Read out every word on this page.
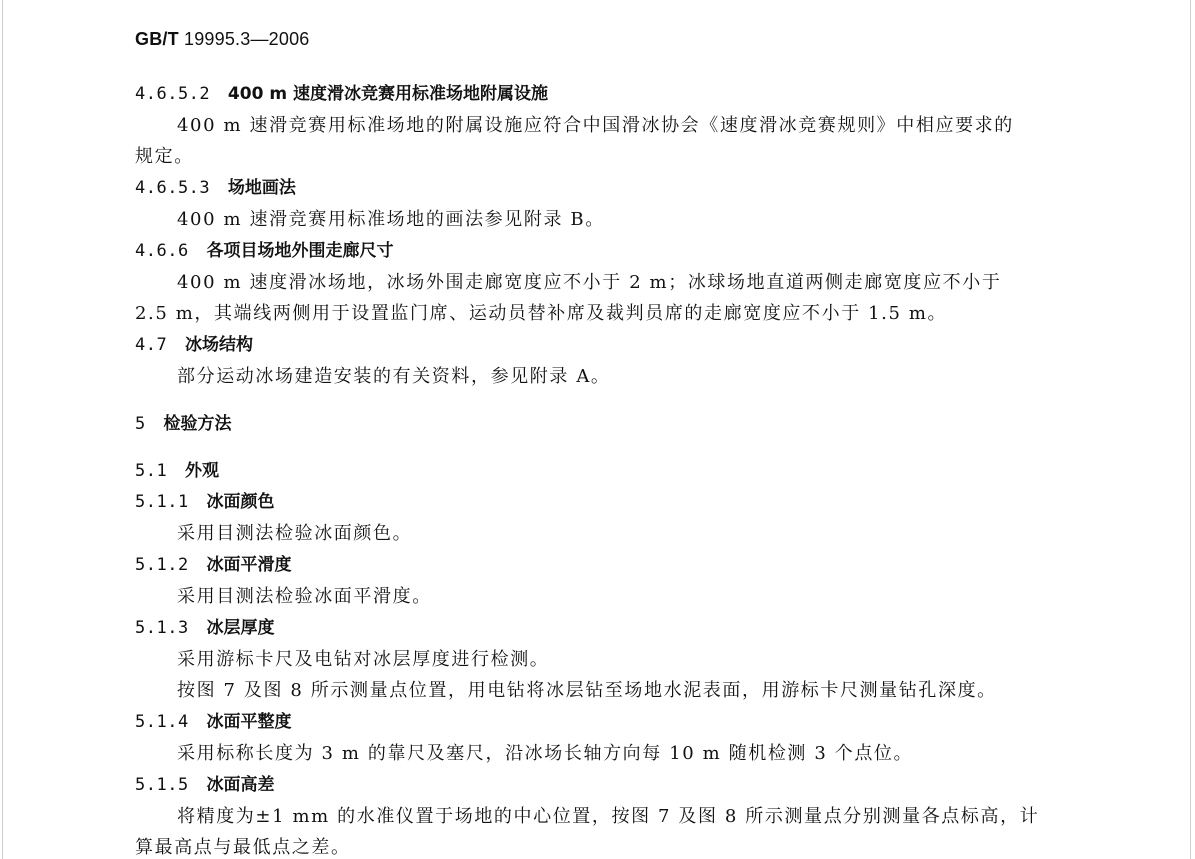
GB/T 19995.3—2006
4.6.5.2 400 m 速度滑冰竞赛用标准场地附属设施
400 m 速滑竞赛用标准场地的附属设施应符合中国滑冰协会《速度滑冰竞赛规则》中相应要求的
规定。
4.6.5.3 场地画法
400 m 速滑竞赛用标准场地的画法参见附录 B。
4.6.6 各项目场地外围走廊尺寸
400 m 速度滑冰场地，冰场外围走廊宽度应不小于 2 m；冰球场地直道两侧走廊宽度应不小于
2.5 m，其端线两侧用于设置监门席、运动员替补席及裁判员席的走廊宽度应不小于 1.5 m。
4.7 冰场结构
部分运动冰场建造安装的有关资料，参见附录 A。
5 检验方法
5.1 外观
5.1.1 冰面颜色
采用目测法检验冰面颜色。
5.1.2 冰面平滑度
采用目测法检验冰面平滑度。
5.1.3 冰层厚度
采用游标卡尺及电钻对冰层厚度进行检测。
按图 7 及图 8 所示测量点位置，用电钻将冰层钻至场地水泥表面，用游标卡尺测量钻孔深度。
5.1.4 冰面平整度
采用标称长度为 3 m 的靠尺及塞尺，沿冰场长轴方向每 10 m 随机检测 3 个点位。
5.1.5 冰面高差
将精度为±1 mm 的水准仪置于场地的中心位置，按图 7 及图 8 所示测量点分别测量各点标高，计
算最高点与最低点之差。
